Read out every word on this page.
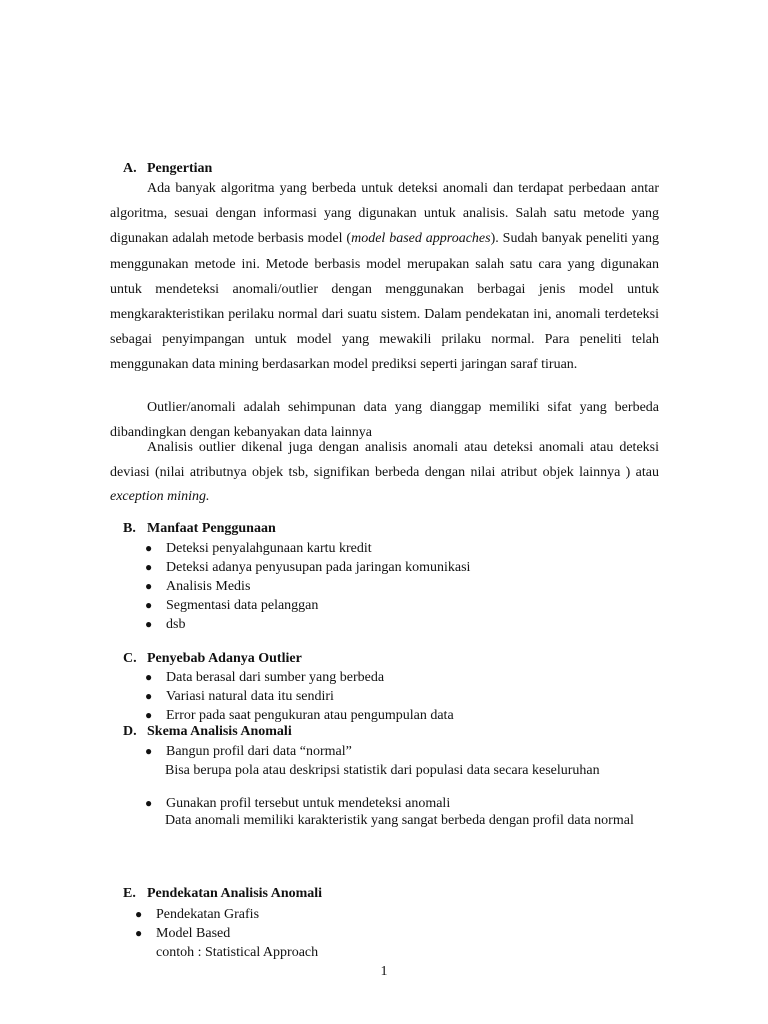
A. Pengertian

Ada banyak algoritma yang berbeda untuk deteksi anomali dan terdapat perbedaan antar algoritma, sesuai dengan informasi yang digunakan untuk analisis. Salah satu metode yang digunakan adalah metode berbasis model (model based approaches). Sudah banyak peneliti yang menggunakan metode ini. Metode berbasis model merupakan salah satu cara yang digunakan untuk mendeteksi anomali/outlier dengan menggunakan berbagai jenis model untuk mengkarakteristikan perilaku normal dari suatu sistem. Dalam pendekatan ini, anomali terdeteksi sebagai penyimpangan untuk model yang mewakili prilaku normal. Para peneliti telah menggunakan data mining berdasarkan model prediksi seperti jaringan saraf tiruan.

Outlier/anomali adalah sehimpunan data yang dianggap memiliki sifat yang berbeda dibandingkan dengan kebanyakan data lainnya

Analisis outlier dikenal juga dengan analisis anomali atau deteksi anomali atau deteksi deviasi (nilai atributnya objek tsb, signifikan berbeda dengan nilai atribut objek lainnya ) atau exception mining.

B. Manfaat Penggunaan
● Deteksi penyalahgunaan kartu kredit
● Deteksi adanya penyusupan pada jaringan komunikasi
● Analisis Medis
● Segmentasi data pelanggan
● dsb
C. Penyebab Adanya Outlier
● Data berasal dari sumber yang berbeda
● Variasi natural data itu sendiri
● Error pada saat pengukuran atau pengumpulan data
D. Skema Analisis Anomali
● Bangun profil dari data “normal”
Bisa berupa pola atau deskripsi statistik dari populasi data secara keseluruhan
● Gunakan profil tersebut untuk mendeteksi anomali
Data anomali memiliki karakteristik yang sangat berbeda dengan profil data normal
E. Pendekatan Analisis Anomali
● Pendekatan Grafis
● Model Based
contoh : Statistical Approach
1
